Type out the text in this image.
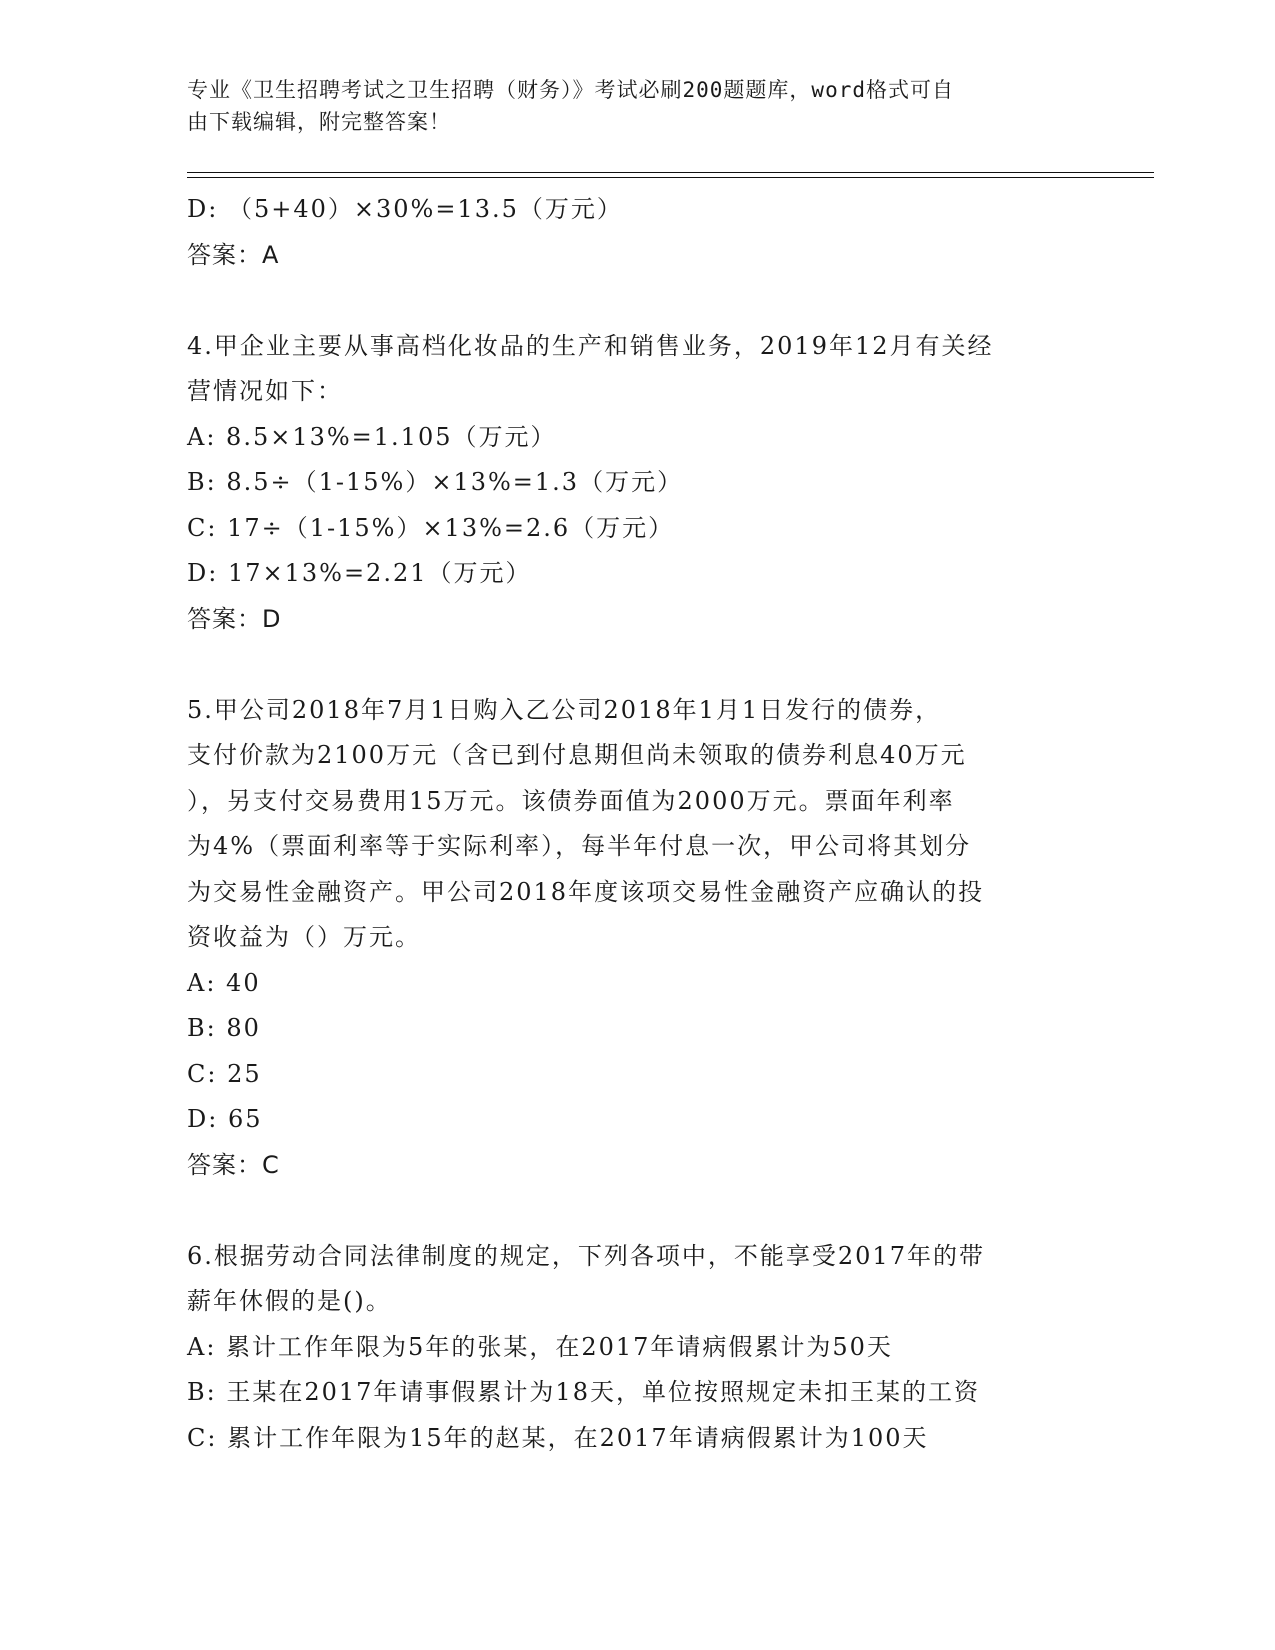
专业《卫生招聘考试之卫生招聘（财务）》考试必刷200题题库，word格式可自
由下载编辑，附完整答案！
D: （5+40）×30%=13.5（万元）
答案：A
4.甲企业主要从事高档化妆品的生产和销售业务，2019年12月有关经
营情况如下：
A: 8.5×13%=1.105（万元）
B: 8.5÷（1-15%）×13%=1.3（万元）
C: 17÷（1-15%）×13%=2.6（万元）
D: 17×13%=2.21（万元）
答案：D
5.甲公司2018年7月1日购入乙公司2018年1月1日发行的债券，
支付价款为2100万元（含已到付息期但尚未领取的债券利息40万元
），另支付交易费用15万元。该债券面值为2000万元。票面年利率
为4%（票面利率等于实际利率），每半年付息一次，甲公司将其划分
为交易性金融资产。甲公司2018年度该项交易性金融资产应确认的投
资收益为（）万元。
A: 40
B: 80
C: 25
D: 65
答案：C
6.根据劳动合同法律制度的规定，下列各项中，不能享受2017年的带
薪年休假的是()。
A: 累计工作年限为5年的张某，在2017年请病假累计为50天
B: 王某在2017年请事假累计为18天，单位按照规定未扣王某的工资
C: 累计工作年限为15年的赵某，在2017年请病假累计为100天
